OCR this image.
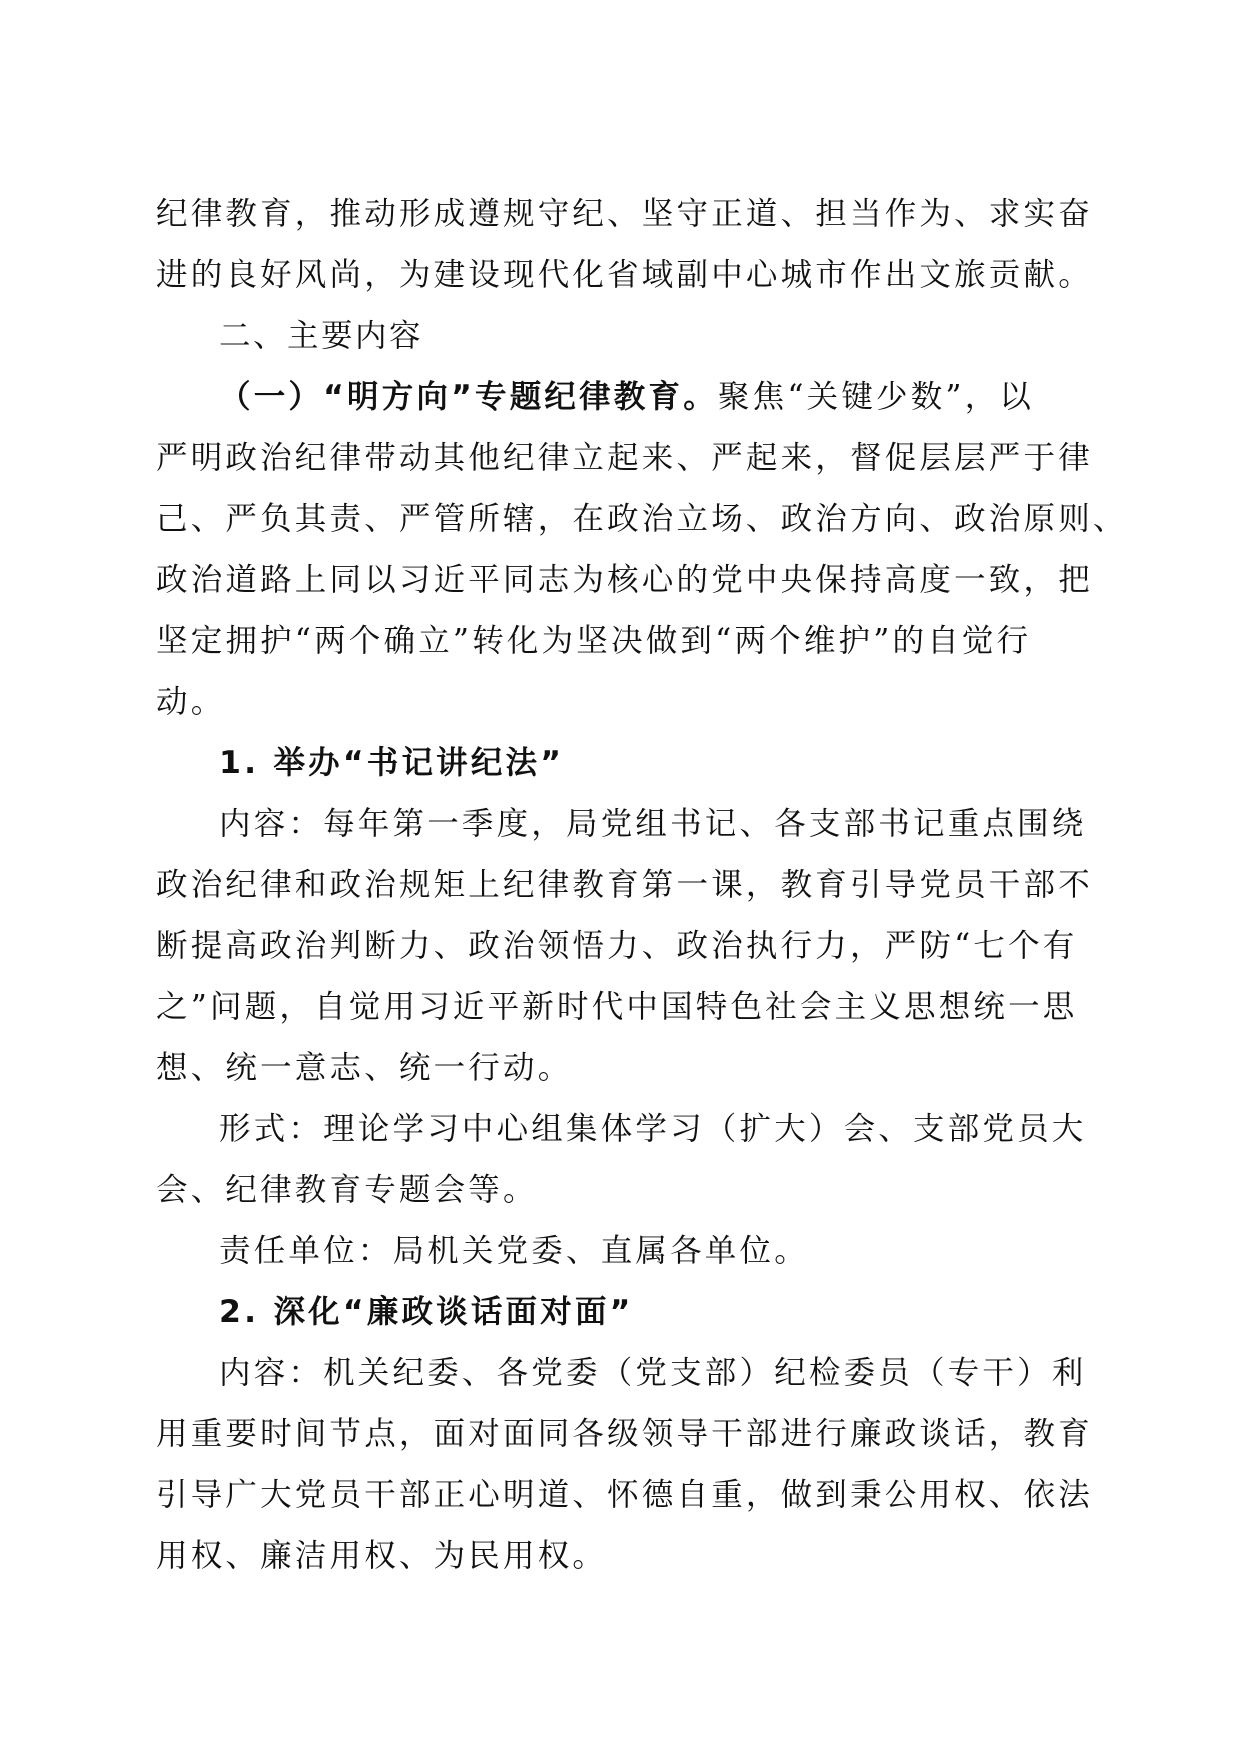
纪律教育，推动形成遵规守纪、坚守正道、担当作为、求实奋
进的良好风尚，为建设现代化省域副中心城市作出文旅贡献。
二、主要内容
（一）“明方向”专题纪律教育。聚焦“关键少数”，以
严明政治纪律带动其他纪律立起来、严起来，督促层层严于律
己、严负其责、严管所辖，在政治立场、政治方向、政治原则、
政治道路上同以习近平同志为核心的党中央保持高度一致，把
坚定拥护“两个确立”转化为坚决做到“两个维护”的自觉行
动。
1. 举办“书记讲纪法”
内容：每年第一季度，局党组书记、各支部书记重点围绕
政治纪律和政治规矩上纪律教育第一课，教育引导党员干部不
断提高政治判断力、政治领悟力、政治执行力，严防“七个有
之”问题，自觉用习近平新时代中国特色社会主义思想统一思
想、统一意志、统一行动。
形式：理论学习中心组集体学习（扩大）会、支部党员大
会、纪律教育专题会等。
责任单位：局机关党委、直属各单位。
2. 深化“廉政谈话面对面”
内容：机关纪委、各党委（党支部）纪检委员（专干）利
用重要时间节点，面对面同各级领导干部进行廉政谈话，教育
引导广大党员干部正心明道、怀德自重，做到秉公用权、依法
用权、廉洁用权、为民用权。
